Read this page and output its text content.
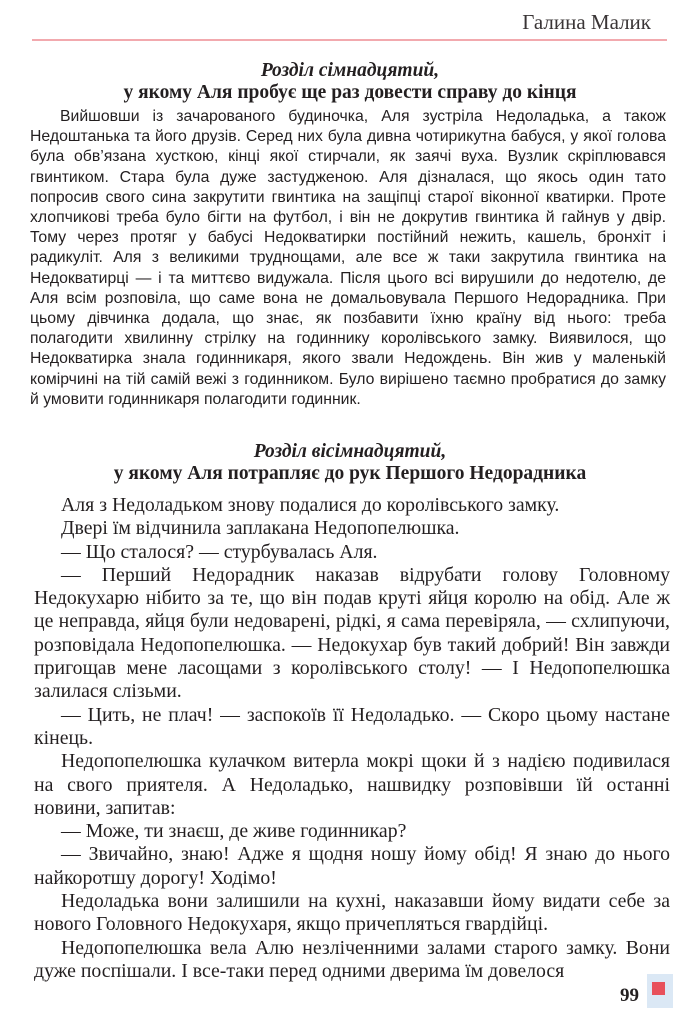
Галина Малик
Розділ сімнадцятий,
у якому Аля пробує ще раз довести справу до кінця

Вийшовши із зачарованого будиночка, Аля зустріла Недоладька, а також Недоштанька та його друзів. Серед них була дивна чотирикутна бабуся, у якої голова була обв’язана хусткою, кінці якої стирчали, як заячі вуха. Вузлик скріплювався гвинтиком. Стара була дуже застудженою. Аля дізналася, що якось один тато попросив свого сина закрутити гвинтика на защіпці старої віконної кватирки. Проте хлопчикові треба було бігти на футбол, і він не докрутив гвинтика й гайнув у двір. Тому через протяг у бабусі Недокватирки постійний нежить, кашель, бронхіт і радикуліт. Аля з великими труднощами, але все ж таки закрутила гвинтика на Недокватирці — і та миттєво видужала. Після цього всі вирушили до недотелю, де Аля всім розповіла, що саме вона не домальовувала Першого Недорадника. При цьому дівчинка додала, що знає, як позбавити їхню країну від нього: треба полагодити хвилинну стрілку на годиннику королівського замку. Виявилося, що Недокватирка знала годинникаря, якого звали Недождень. Він жив у маленькій комірчині на тій самій вежі з годинником. Було вирішено таємно пробратися до замку й умовити годинникаря полагодити годинник.

Розділ вісімнадцятий,
у якому Аля потрапляє до рук Першого Недорадника

Аля з Недоладьком знову подалися до королівського замку.

Двері їм відчинила заплакана Недопопелюшка.

— Що сталося? — стурбувалась Аля.

— Перший Недорадник наказав відрубати голову Головному Недокухарю нібито за те, що він подав круті яйця королю на обід. Але ж це неправда, яйця були недоварені, рідкі, я сама перевіряла, — схлипуючи, розповідала Недопопелюшка. — Недокухар був такий добрий! Він завжди пригощав мене ласощами з королівського столу! — І Недопопелюшка залилася слізьми.

— Цить, не плач! — заспокоїв її Недоладько. — Скоро цьому настане кінець.

Недопопелюшка кулачком витерла мокрі щоки й з надією подивилася на свого приятеля. А Недоладько, нашвидку розповівши їй останні новини, запитав:

— Може, ти знаєш, де живе годинникар?

— Звичайно, знаю! Адже я щодня ношу йому обід! Я знаю до нього найкоротшу дорогу! Ходімо!

Недоладька вони залишили на кухні, наказавши йому видати себе за нового Головного Недокухаря, якщо причепляться гвардійці.

Недопопелюшка вела Алю незліченними залами старого замку. Вони дуже поспішали. І все-таки перед одними дверима їм довелося

99
